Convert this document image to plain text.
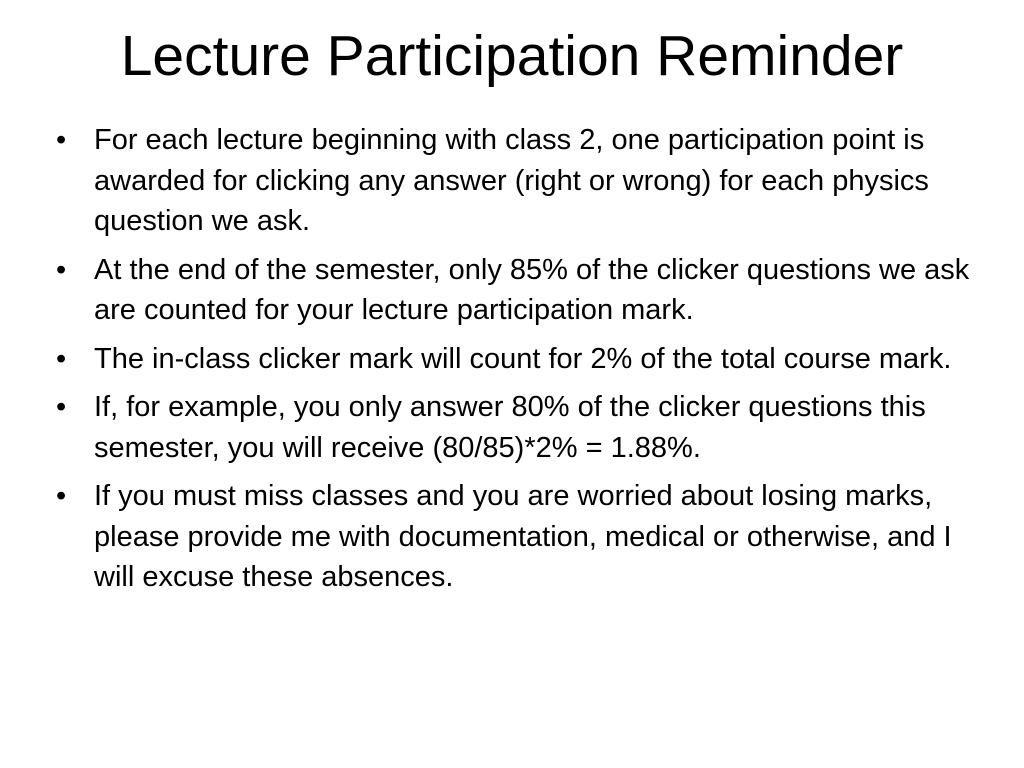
Lecture Participation Reminder
• For each lecture beginning with class 2, one participation point is awarded for clicking any answer (right or wrong) for each physics question we ask.
• At the end of the semester, only 85% of the clicker questions we ask are counted for your lecture participation mark.
• The in-class clicker mark will count for 2% of the total course mark.
• If, for example, you only answer 80% of the clicker questions this semester, you will receive (80/85)*2% = 1.88%.
• If you must miss classes and you are worried about losing marks, please provide me with documentation, medical or otherwise, and I will excuse these absences.
